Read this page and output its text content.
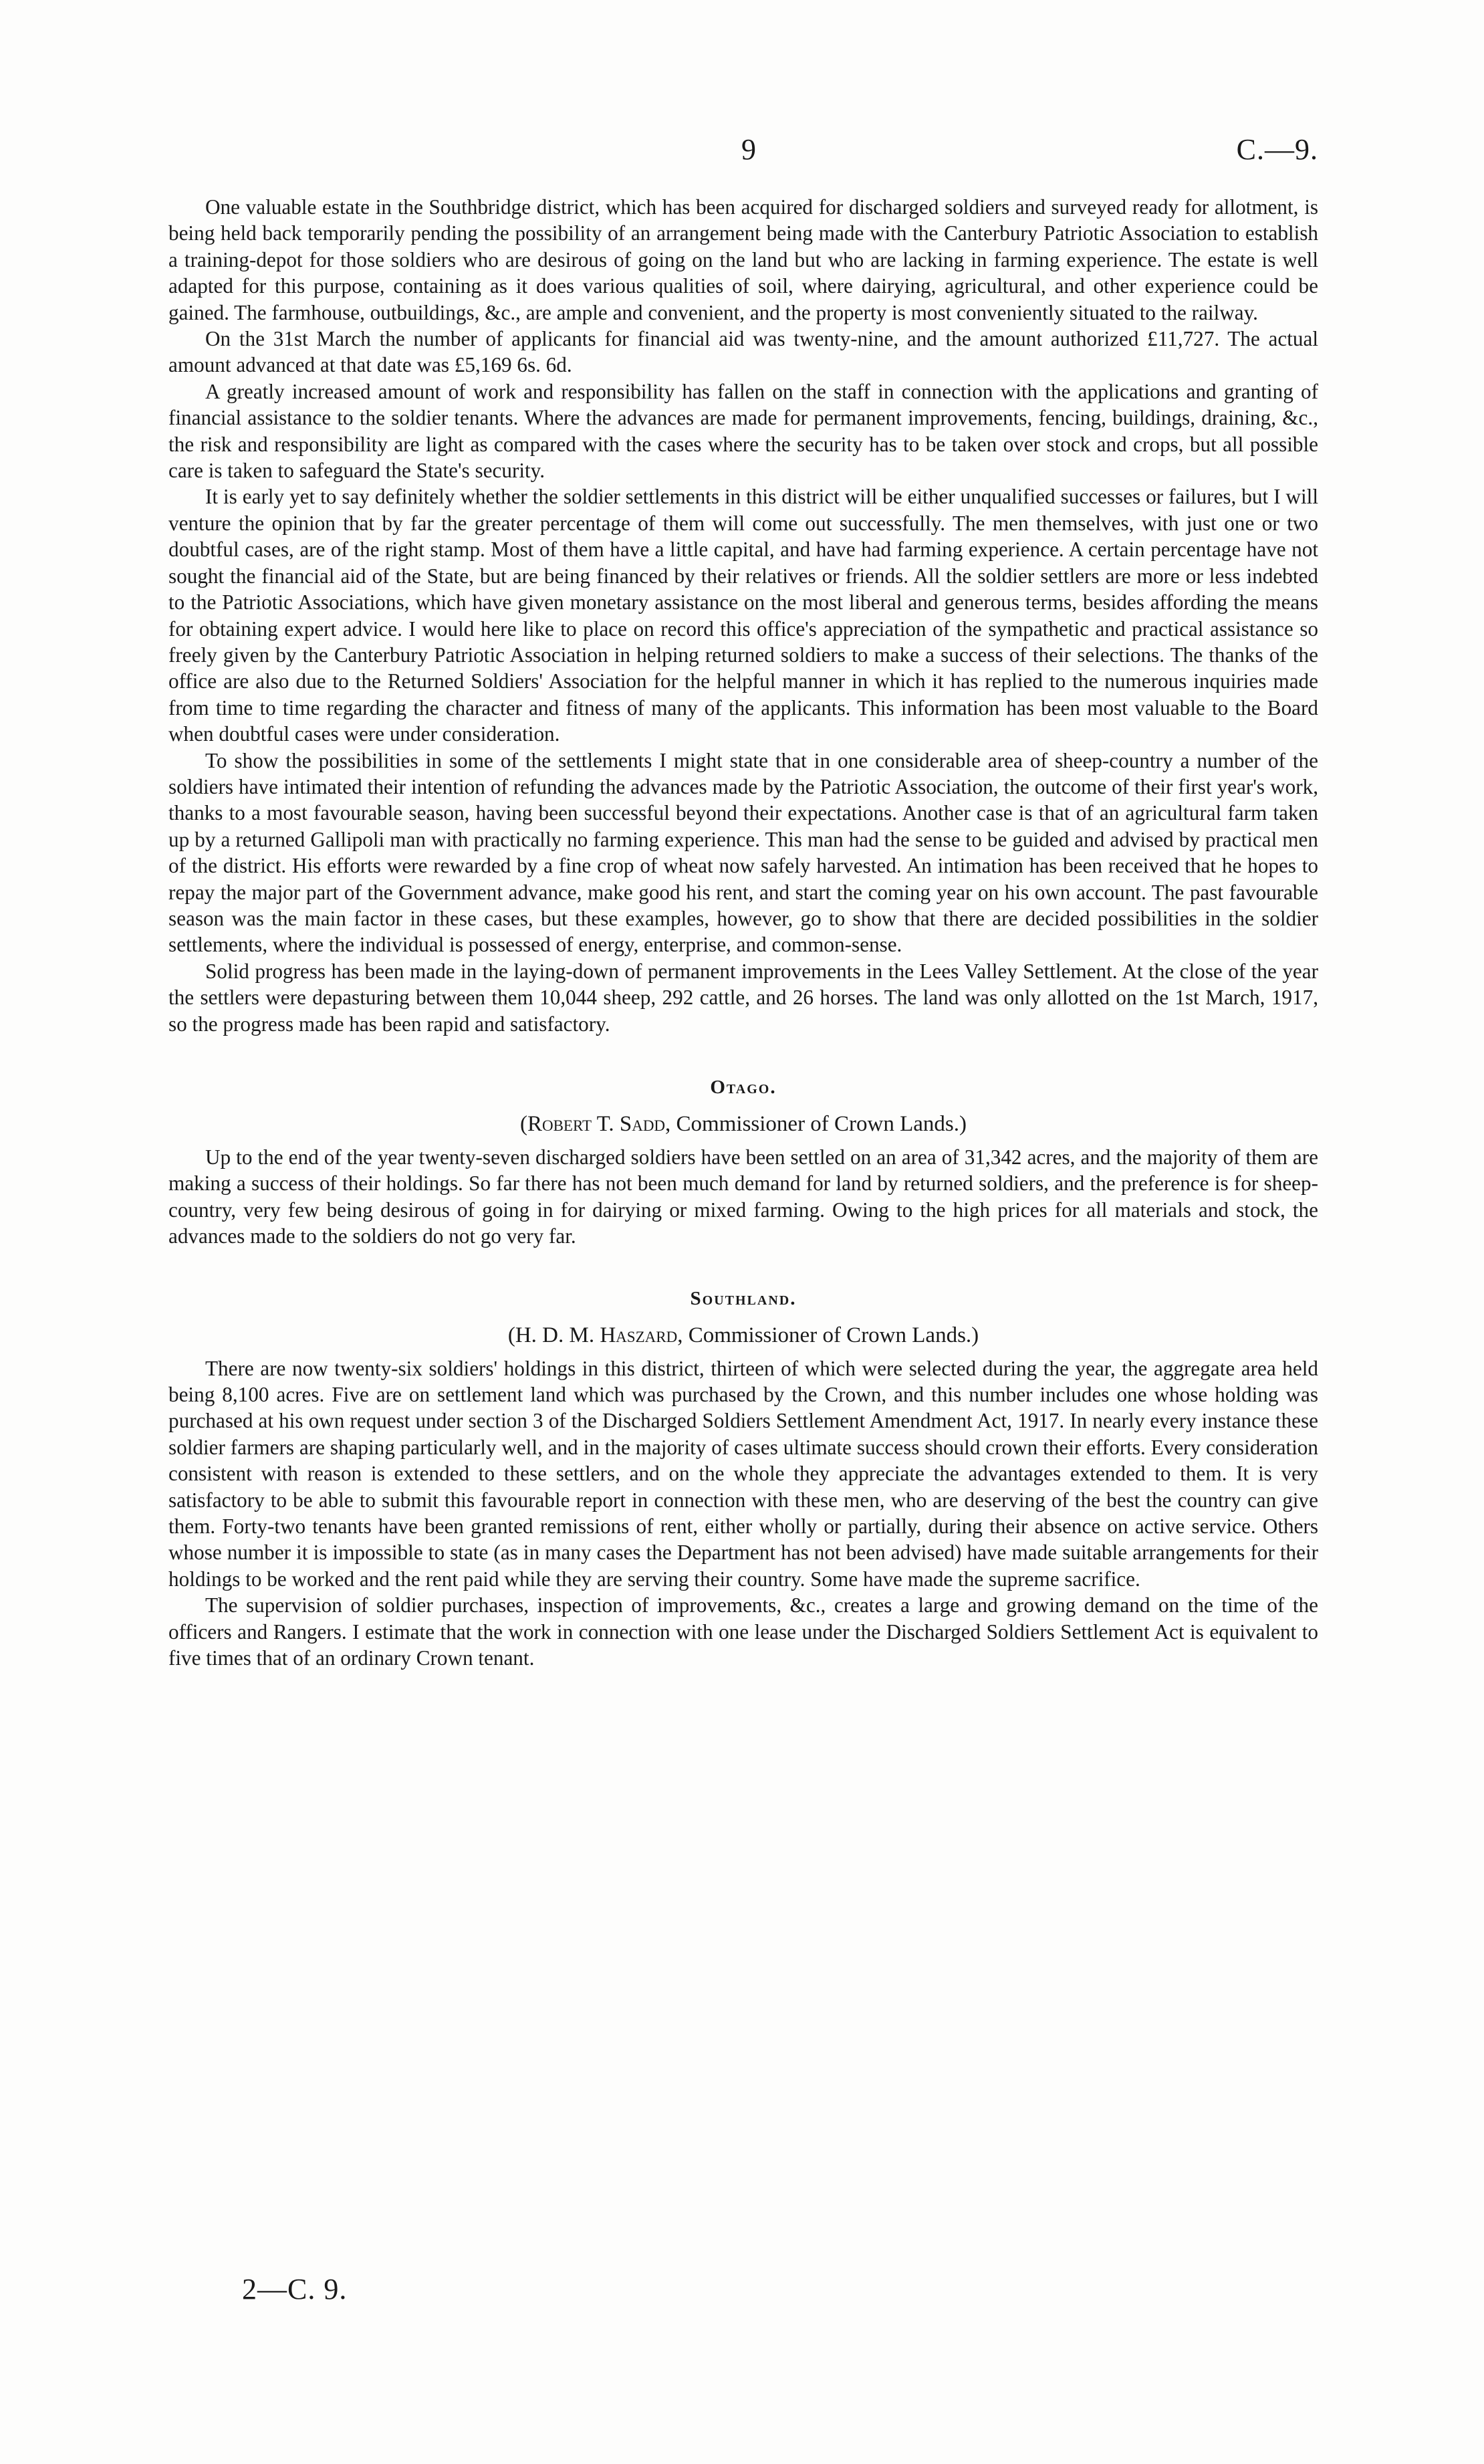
9	C.—9.

One valuable estate in the Southbridge district, which has been acquired for discharged soldiers and surveyed ready for allotment, is being held back temporarily pending the possibility of an arrangement being made with the Canterbury Patriotic Association to establish a training-depot for those soldiers who are desirous of going on the land but who are lacking in farming experience. The estate is well adapted for this purpose, containing as it does various qualities of soil, where dairying, agricultural, and other experience could be gained. The farmhouse, outbuildings, &c., are ample and convenient, and the property is most conveniently situated to the railway.

On the 31st March the number of applicants for financial aid was twenty-nine, and the amount authorized £11,727. The actual amount advanced at that date was £5,169 6s. 6d.

A greatly increased amount of work and responsibility has fallen on the staff in connection with the applications and granting of financial assistance to the soldier tenants. Where the advances are made for permanent improvements, fencing, buildings, draining, &c., the risk and responsibility are light as compared with the cases where the security has to be taken over stock and crops, but all possible care is taken to safeguard the State's security.

It is early yet to say definitely whether the soldier settlements in this district will be either unqualified successes or failures, but I will venture the opinion that by far the greater percentage of them will come out successfully. The men themselves, with just one or two doubtful cases, are of the right stamp. Most of them have a little capital, and have had farming experience. A certain percentage have not sought the financial aid of the State, but are being financed by their relatives or friends. All the soldier settlers are more or less indebted to the Patriotic Associations, which have given monetary assistance on the most liberal and generous terms, besides affording the means for obtaining expert advice. I would here like to place on record this office's appreciation of the sympathetic and practical assistance so freely given by the Canterbury Patriotic Association in helping returned soldiers to make a success of their selections. The thanks of the office are also due to the Returned Soldiers' Association for the helpful manner in which it has replied to the numerous inquiries made from time to time regarding the character and fitness of many of the applicants. This information has been most valuable to the Board when doubtful cases were under consideration.

To show the possibilities in some of the settlements I might state that in one considerable area of sheep-country a number of the soldiers have intimated their intention of refunding the advances made by the Patriotic Association, the outcome of their first year's work, thanks to a most favourable season, having been successful beyond their expectations. Another case is that of an agricultural farm taken up by a returned Gallipoli man with practically no farming experience. This man had the sense to be guided and advised by practical men of the district. His efforts were rewarded by a fine crop of wheat now safely harvested. An intimation has been received that he hopes to repay the major part of the Government advance, make good his rent, and start the coming year on his own account. The past favourable season was the main factor in these cases, but these examples, however, go to show that there are decided possibilities in the soldier settlements, where the individual is possessed of energy, enterprise, and common-sense.

Solid progress has been made in the laying-down of permanent improvements in the Lees Valley Settlement. At the close of the year the settlers were depasturing between them 10,044 sheep, 292 cattle, and 26 horses. The land was only allotted on the 1st March, 1917, so the progress made has been rapid and satisfactory.

Otago.
(Robert T. Sadd, Commissioner of Crown Lands.)

Up to the end of the year twenty-seven discharged soldiers have been settled on an area of 31,342 acres, and the majority of them are making a success of their holdings. So far there has not been much demand for land by returned soldiers, and the preference is for sheep-country, very few being desirous of going in for dairying or mixed farming. Owing to the high prices for all materials and stock, the advances made to the soldiers do not go very far.

Southland.
(H. D. M. Haszard, Commissioner of Crown Lands.)

There are now twenty-six soldiers' holdings in this district, thirteen of which were selected during the year, the aggregate area held being 8,100 acres. Five are on settlement land which was purchased by the Crown, and this number includes one whose holding was purchased at his own request under section 3 of the Discharged Soldiers Settlement Amendment Act, 1917. In nearly every instance these soldier farmers are shaping particularly well, and in the majority of cases ultimate success should crown their efforts. Every consideration consistent with reason is extended to these settlers, and on the whole they appreciate the advantages extended to them. It is very satisfactory to be able to submit this favourable report in connection with these men, who are deserving of the best the country can give them. Forty-two tenants have been granted remissions of rent, either wholly or partially, during their absence on active service. Others whose number it is impossible to state (as in many cases the Department has not been advised) have made suitable arrangements for their holdings to be worked and the rent paid while they are serving their country. Some have made the supreme sacrifice.

The supervision of soldier purchases, inspection of improvements, &c., creates a large and growing demand on the time of the officers and Rangers. I estimate that the work in connection with one lease under the Discharged Soldiers Settlement Act is equivalent to five times that of an ordinary Crown tenant.

2—C. 9.
